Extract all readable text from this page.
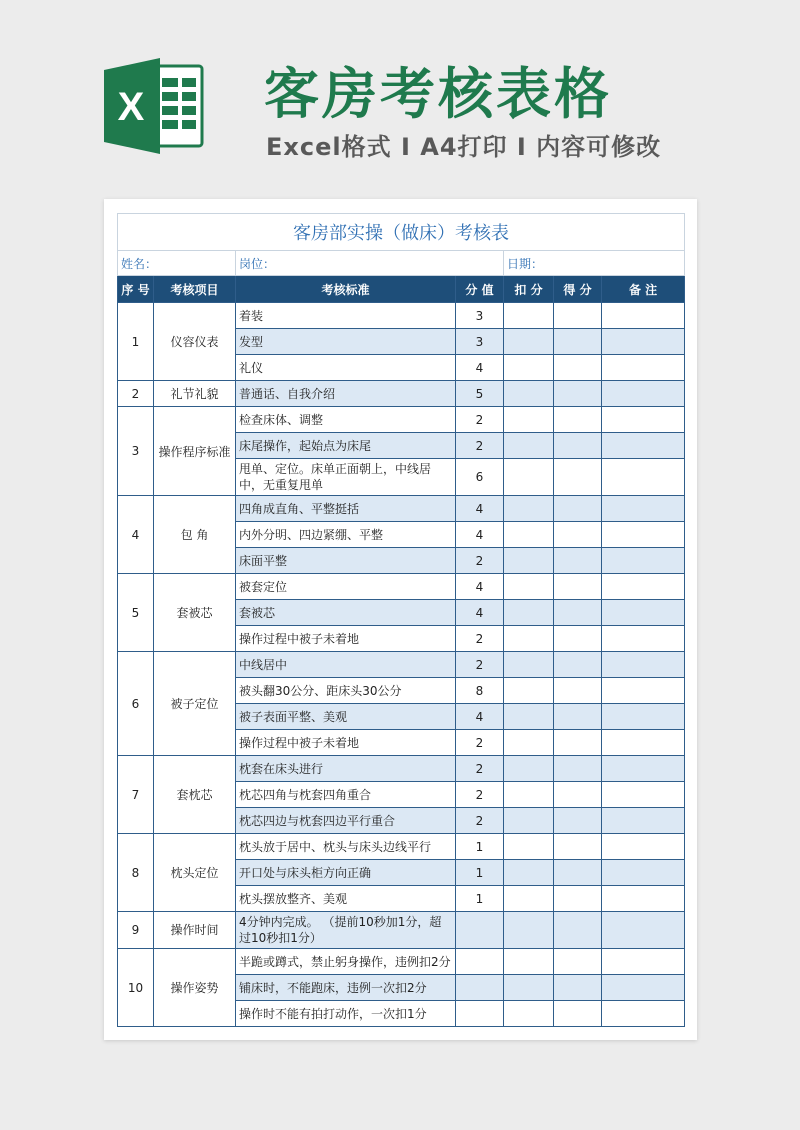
X 客房考核表格
Excel格式 I A4打印 I 内容可修改
客房部实操（做床）考核表						
姓名：		岗位：		日期：		
序 号	考核项目	考核标准	分 值	扣 分	得 分	备 注
1	仪容仪表	着装	3			
		发型	3			
		礼仪	4			
2	礼节礼貌	普通话、自我介绍	5			
3	操作程序标准	检查床体、调整	2			
		床尾操作，起始点为床尾	2			
		甩单、定位。床单正面朝上，中线居中，无重复甩单	6			
4	包 角	四角成直角、平整挺括	4			
		内外分明、四边紧绷、平整	4			
		床面平整	2			
5	套被芯	被套定位	4			
		套被芯	4			
		操作过程中被子未着地	2			
6	被子定位	中线居中	2			
		被头翻30公分、距床头30公分	8			
		被子表面平整、美观	4			
		操作过程中被子未着地	2			
7	套枕芯	枕套在床头进行	2			
		枕芯四角与枕套四角重合	2			
		枕芯四边与枕套四边平行重合	2			
8	枕头定位	枕头放于居中、枕头与床头边线平行	1			
		开口处与床头柜方向正确	1			
		枕头摆放整齐、美观	1			
9	操作时间	4分钟内完成。 （提前10秒加1分，超过10秒扣1分）				
10	操作姿势	半跪或蹲式，禁止躬身操作，违例扣2分				
		铺床时，不能跑床，违例一次扣2分				
		操作时不能有拍打动作，一次扣1分				
